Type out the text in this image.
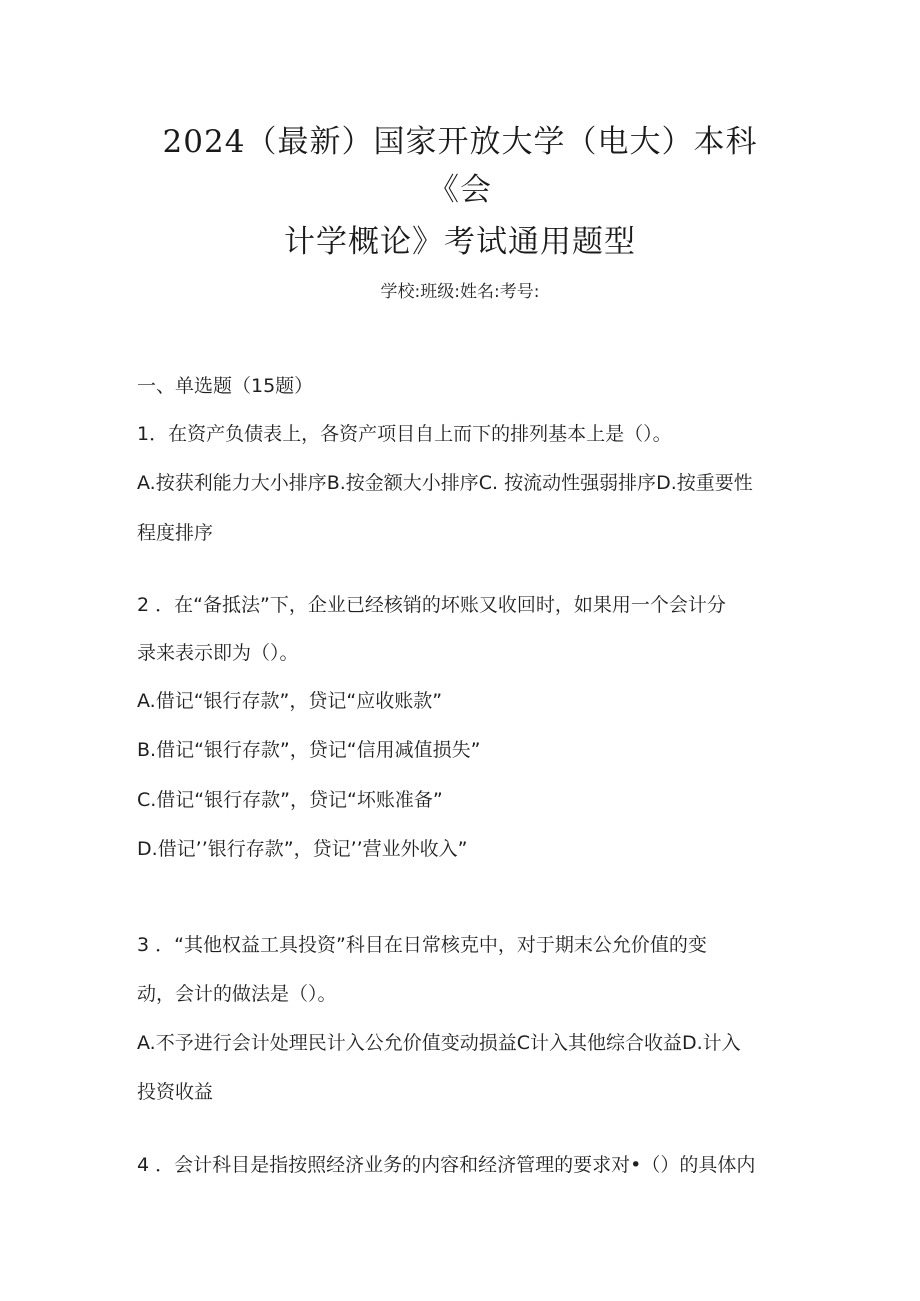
2024（最新）国家开放大学（电大）本科
《会
计学概论》考试通用题型
学校:班级:姓名:考号:
一、单选题（15题）
1．在资产负债表上，各资产项目自上而下的排列基本上是（）。
A.按获利能力大小排序B.按金额大小排序C. 按流动性强弱排序D.按重要性
程度排序
2 ．在“备抵法”下，企业已经核销的坏账又收回时，如果用一个会计分
录来表示即为（）。
A.借记“银行存款”，贷记“应收账款”
B.借记“银行存款”，贷记“信用减值损失”
C.借记“银行存款”，贷记“坏账准备”
D.借记’’银行存款”，贷记’’营业外收入”
3 ．“其他权益工具投资”科目在日常核克中，对于期末公允价值的变
动，会计的做法是（）。
A.不予进行会计处理民计入公允价值变动损益C计入其他综合收益D.计入
投资收益
4 ．会计科目是指按照经济业务的内容和经济管理的要求对•（）的具体内
